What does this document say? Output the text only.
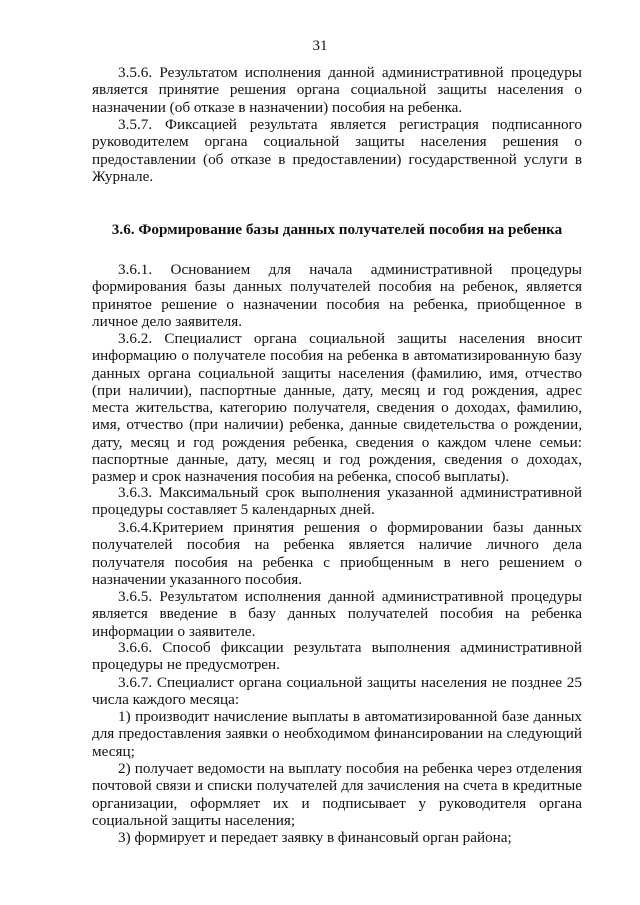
31
3.5.6. Результатом исполнения данной административной процедуры является принятие решения органа социальной защиты населения о назначении (об отказе в назначении) пособия на ребенка.
3.5.7. Фиксацией результата является регистрация подписанного руководителем органа социальной защиты населения решения о предоставлении (об отказе в предоставлении) государственной услуги в Журнале.
3.6. Формирование базы данных получателей пособия на ребенка
3.6.1. Основанием для начала административной процедуры формирования базы данных получателей пособия на ребенок, является принятое решение о назначении пособия на ребенка, приобщенное в личное дело заявителя.
3.6.2. Специалист органа социальной защиты населения вносит информацию о получателе пособия на ребенка в автоматизированную базу данных органа социальной защиты населения (фамилию, имя, отчество (при наличии), паспортные данные, дату, месяц и год рождения, адрес места жительства, категорию получателя, сведения о доходах, фамилию, имя, отчество (при наличии) ребенка, данные свидетельства о рождении, дату, месяц и год рождения ребенка, сведения о каждом члене семьи: паспортные данные, дату, месяц и год рождения, сведения о доходах, размер и срок назначения пособия на ребенка, способ выплаты).
3.6.3. Максимальный срок выполнения указанной административной процедуры составляет 5 календарных дней.
3.6.4.Критерием принятия решения о формировании базы данных получателей пособия на ребенка является наличие личного дела получателя пособия на ребенка с приобщенным в него решением о назначении указанного пособия.
3.6.5. Результатом исполнения данной административной процедуры является введение в базу данных получателей пособия на ребенка информации о заявителе.
3.6.6. Способ фиксации результата выполнения административной процедуры не предусмотрен.
3.6.7. Специалист органа социальной защиты населения не позднее 25 числа каждого месяца:
1) производит начисление выплаты в автоматизированной базе данных для предоставления заявки о необходимом финансировании на следующий месяц;
2) получает ведомости на выплату пособия на ребенка через отделения почтовой связи и списки получателей для зачисления на счета в кредитные организации, оформляет их и подписывает у руководителя органа социальной защиты населения;
3) формирует и передает заявку в финансовый орган района;
